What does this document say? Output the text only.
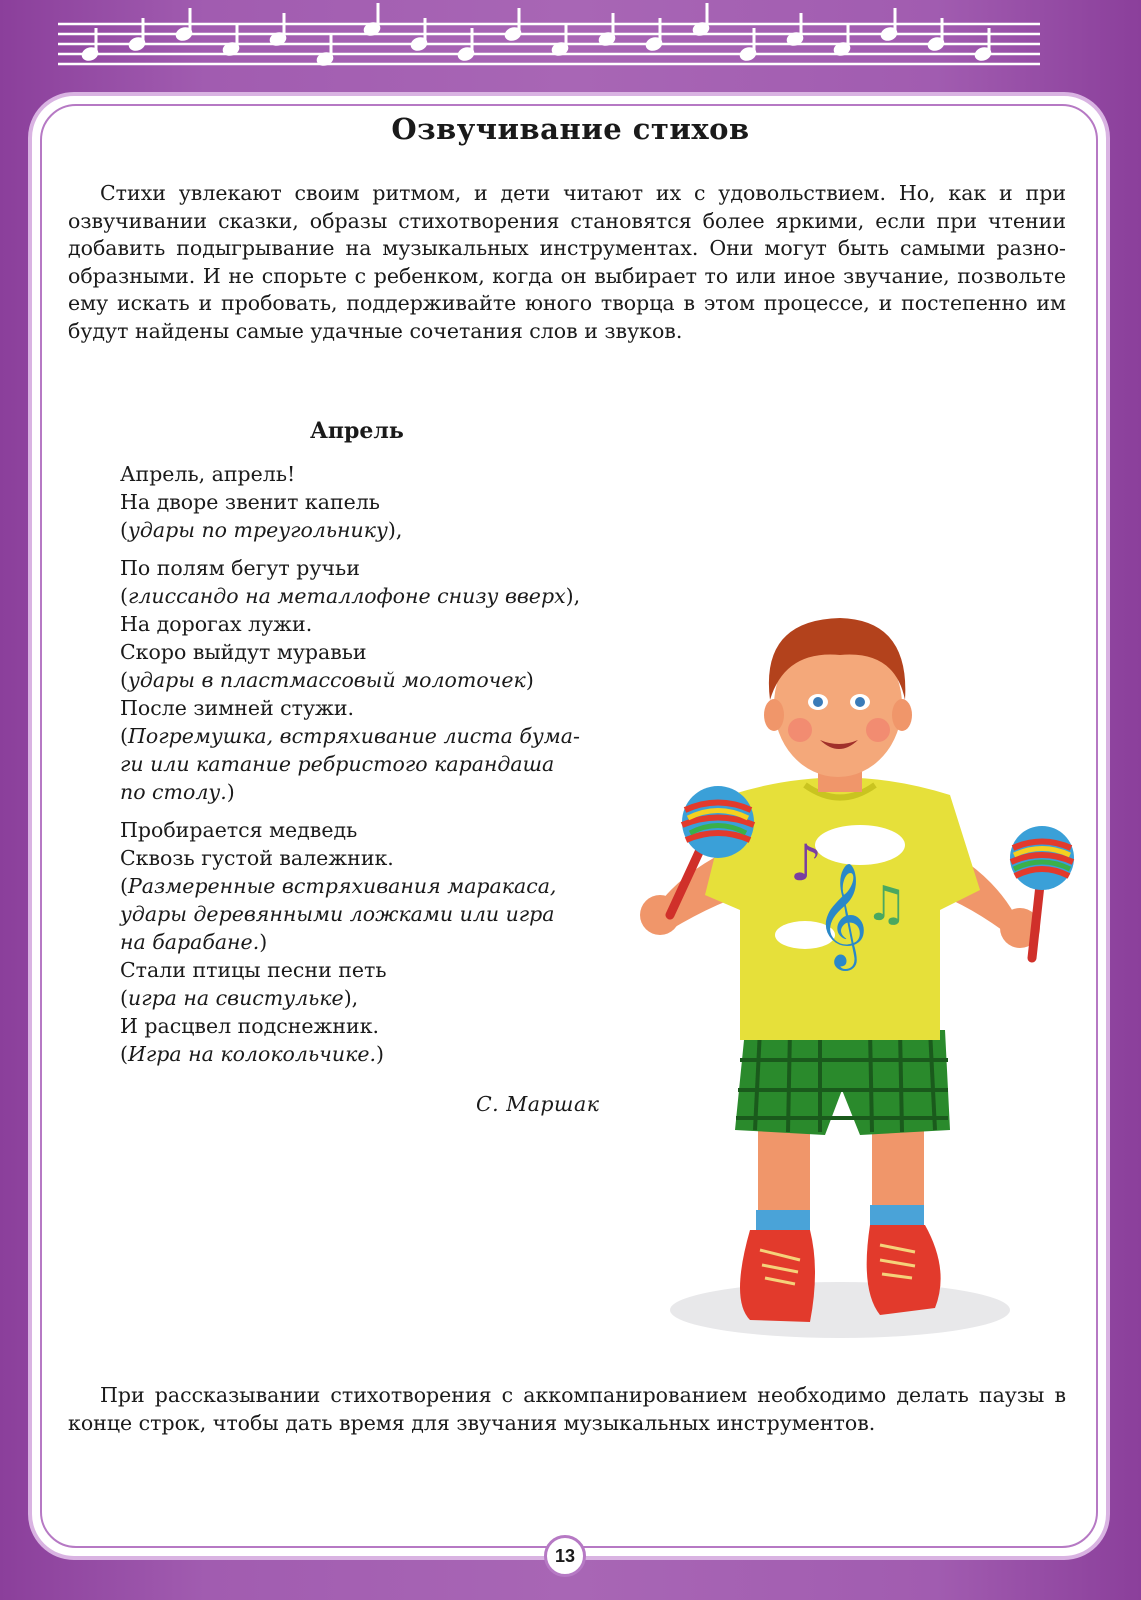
Озвучивание стихов

Стихи увлекают своим ритмом, и дети читают их с удовольствием. Но, как и при озвучивании сказки, образы стихотворения становятся более яркими, если при чтении добавить подыгрывание на музыкальных инструментах. Они могут быть самыми разно-образными. И не спорьте с ребенком, когда он выбирает то или иное звучание, позвольте ему искать и пробовать, поддерживайте юного творца в этом процессе, и постепенно им будут найдены самые удачные сочетания слов и звуков.

Апрель
Апрель, апрель!
На дворе звенит капель
(удары по треугольнику),
По полям бегут ручьи
(глиссандо на металлофоне снизу вверх),
На дорогах лужи.
Скоро выйдут муравьи
(удары в пластмассовый молоточек)
После зимней стужи.
(Погремушка, встряхивание листа бума-
ги или катание ребристого карандаша
по столу.)
Пробирается медведь
Сквозь густой валежник.
(Размеренные встряхивания маракаса,
удары деревянными ложками или игра
на барабане.)
Стали птицы песни петь
(игра на свистульке),
И расцвел подснежник.
(Игра на колокольчике.)
С. Маршак
𝄞
♪
♫

При рассказывании стихотворения с аккомпанированием необходимо делать паузы в конце строк, чтобы дать время для звучания музыкальных инструментов.

13
